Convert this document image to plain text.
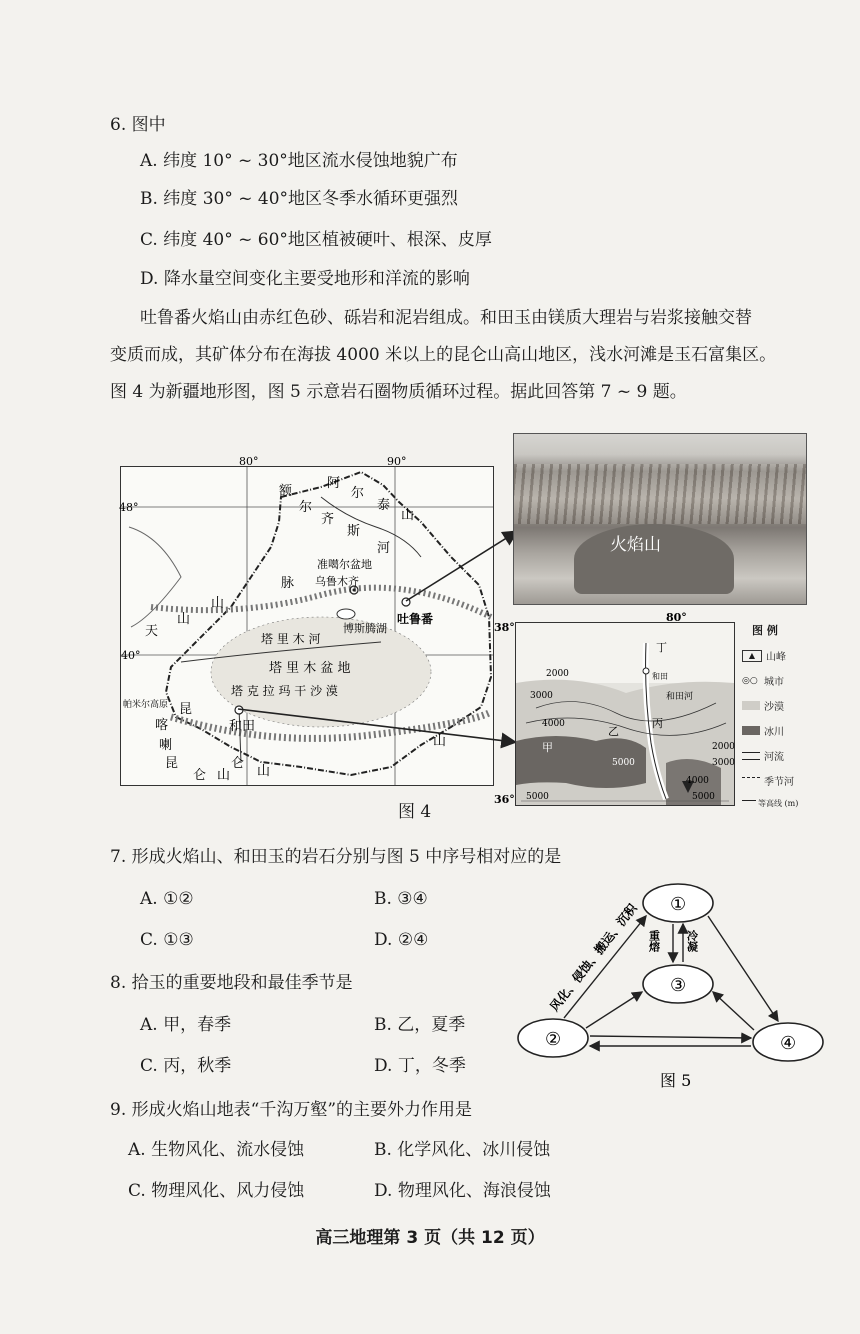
6. 图中
A. 纬度 10° ~ 30°地区流水侵蚀地貌广布
B. 纬度 30° ~ 40°地区冬季水循环更强烈
C. 纬度 40° ~ 60°地区植被硬叶、根深、皮厚
D. 降水量空间变化主要受地形和洋流的影响
吐鲁番火焰山由赤红色砂、砾岩和泥岩组成。和田玉由镁质大理岩与岩浆接触交替
变质而成，其矿体分布在海拔 4000 米以上的昆仑山高山地区，浅水河滩是玉石富集区。
图 4 为新疆地形图，图 5 示意岩石圈物质循环过程。据此回答第 7 ~ 9 题。
80°	90°
48°
40°
额
尔
齐
斯
河
阿
尔
泰
山
准噶尔盆地
乌鲁木齐
吐鲁番
博斯腾湖
塔 里 木 河
塔 里 木 盆 地
塔 克 拉 玛 干 沙 漠
和田
帕米尔高原
天
山
山
脉
昆
仑
山
喀
喇
昆
仑 山
山
火焰山
38°
36°
80°
2000
3000
4000
5000
5000
2000
3000
4000
5000
甲
乙
丙
丁
和田河
和田
图 例
▲	山峰
◎○ 城市
沙漠
冰川
河流
季节河
等高线 (m)
图 4
7. 形成火焰山、和田玉的岩石分别与图 5 中序号相对应的是
A. ①②	B. ③④
C. ①③	D. ②④
8. 拾玉的重要地段和最佳季节是
A. 甲，春季	B. 乙，夏季
C. 丙，秋季	D. 丁，冬季
①
③
②	④
风化、侵蚀、搬运、沉积 重熔 冷凝
图 5
9. 形成火焰山地表“千沟万壑”的主要外力作用是
A. 生物风化、流水侵蚀	B. 化学风化、冰川侵蚀
C. 物理风化、风力侵蚀	D. 物理风化、海浪侵蚀
高三地理第 3 页（共 12 页）
